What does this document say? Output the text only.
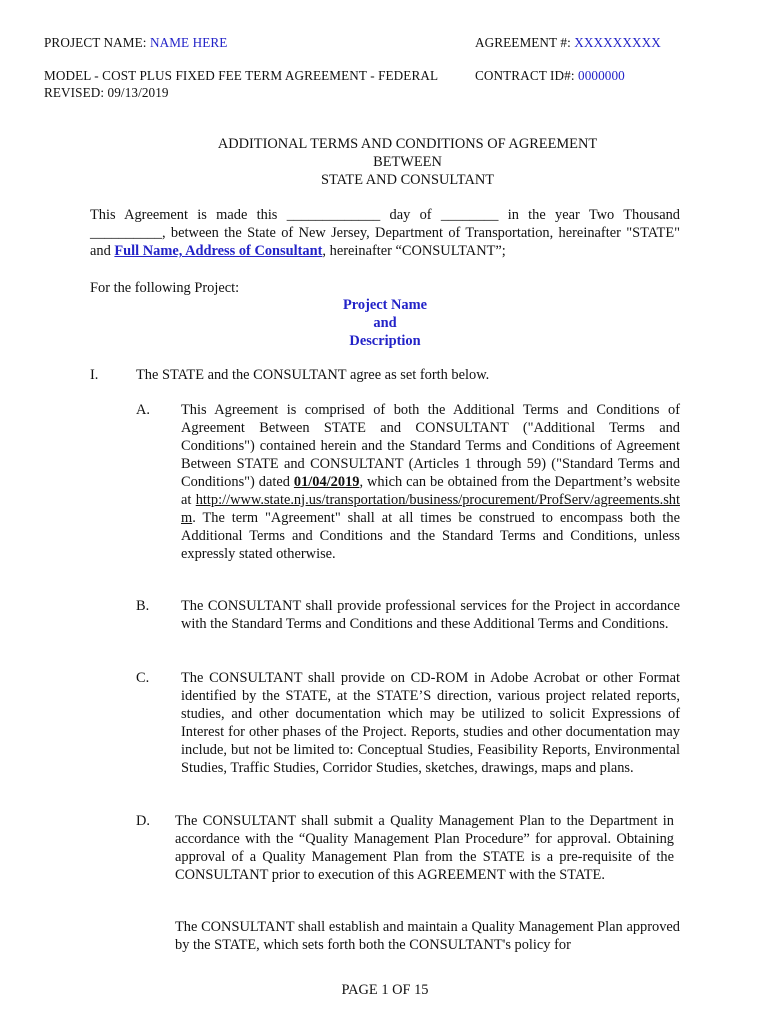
PROJECT NAME: NAME HERE	AGREEMENT #: XXXXXXXXX
MODEL - COST PLUS FIXED FEE TERM AGREEMENT - FEDERAL
REVISED: 09/13/2019
CONTRACT ID#: 0000000
ADDITIONAL TERMS AND CONDITIONS OF AGREEMENT
BETWEEN
STATE AND CONSULTANT
This Agreement is made this _____________ day of ________ in the year Two Thousand __________, between the State of New Jersey, Department of Transportation, hereinafter "STATE" and Full Name, Address of Consultant, hereinafter “CONSULTANT”;
For the following Project:
Project Name
and
Description
I.	The STATE and the CONSULTANT agree as set forth below.
A. This Agreement is comprised of both the Additional Terms and Conditions of Agreement Between STATE and CONSULTANT ("Additional Terms and Conditions") contained herein and the Standard Terms and Conditions of Agreement Between STATE and CONSULTANT (Articles 1 through 59) ("Standard Terms and Conditions") dated 01/04/2019, which can be obtained from the Department’s website at http://www.state.nj.us/transportation/business/procurement/ProfServ/agreements.shtm. The term "Agreement" shall at all times be construed to encompass both the Additional Terms and Conditions and the Standard Terms and Conditions, unless expressly stated otherwise.
B. The CONSULTANT shall provide professional services for the Project in accordance with the Standard Terms and Conditions and these Additional Terms and Conditions.
C. The CONSULTANT shall provide on CD-ROM in Adobe Acrobat or other Format identified by the STATE, at the STATE’S direction, various project related reports, studies, and other documentation which may be utilized to solicit Expressions of Interest for other phases of the Project. Reports, studies and other documentation may include, but not be limited to: Conceptual Studies, Feasibility Reports, Environmental Studies, Traffic Studies, Corridor Studies, sketches, drawings, maps and plans.
D. The CONSULTANT shall submit a Quality Management Plan to the Department in accordance with the “Quality Management Plan Procedure” for approval. Obtaining approval of a Quality Management Plan from the STATE is a pre-requisite of the CONSULTANT prior to execution of this AGREEMENT with the STATE.
The CONSULTANT shall establish and maintain a Quality Management Plan approved by the STATE, which sets forth both the CONSULTANT's policy for
PAGE 1 OF 15
